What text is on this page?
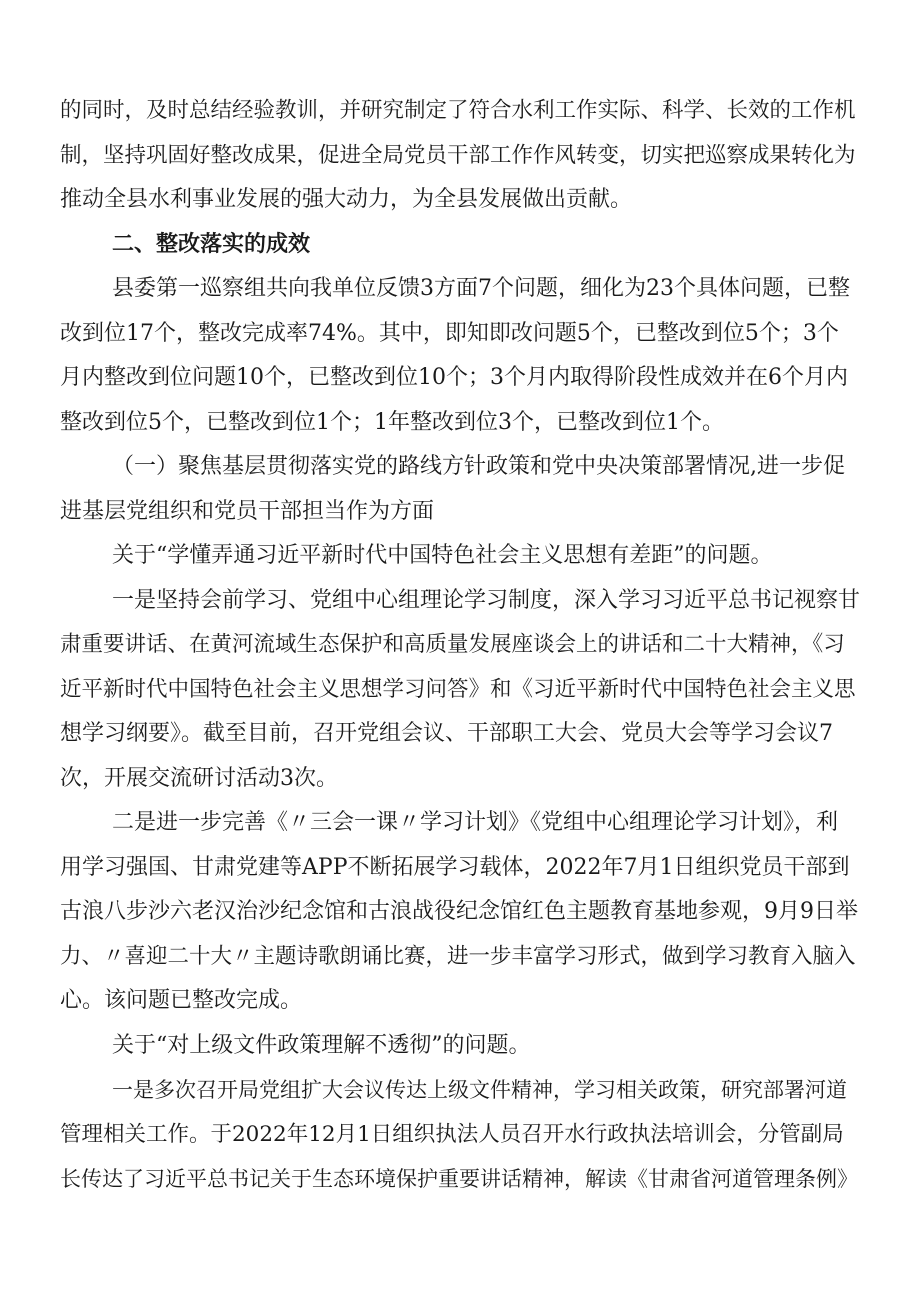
的同时，及时总结经验教训，并研究制定了符合水利工作实际、科学、长效的工作机
制，坚持巩固好整改成果，促进全局党员干部工作作风转变，切实把巡察成果转化为
推动全县水利事业发展的强大动力，为全县发展做出贡献。
二、整改落实的成效
县委第一巡察组共向我单位反馈3方面7个问题，细化为23个具体问题，已整
改到位17个，整改完成率74%。其中，即知即改问题5个，已整改到位5个；3个
月内整改到位问题10个，已整改到位10个；3个月内取得阶段性成效并在6个月内
整改到位5个，已整改到位1个；1年整改到位3个，已整改到位1个。
（一）聚焦基层贯彻落实党的路线方针政策和党中央决策部署情况,进一步促
进基层党组织和党员干部担当作为方面
关于“学懂弄通习近平新时代中国特色社会主义思想有差距”的问题。
一是坚持会前学习、党组中心组理论学习制度，深入学习习近平总书记视察甘
肃重要讲话、在黄河流域生态保护和高质量发展座谈会上的讲话和二十大精神，《习
近平新时代中国特色社会主义思想学习问答》和《习近平新时代中国特色社会主义思
想学习纲要》。截至目前，召开党组会议、干部职工大会、党员大会等学习会议7
次，开展交流研讨活动3次。
二是进一步完善《〃三会一课〃学习计划》《党组中心组理论学习计划》，利
用学习强国、甘肃党建等APP不断拓展学习载体，2022年7月1日组织党员干部到
古浪八步沙六老汉治沙纪念馆和古浪战役纪念馆红色主题教育基地参观，9月9日举
力、〃喜迎二十大〃主题诗歌朗诵比赛，进一步丰富学习形式，做到学习教育入脑入
心。该问题已整改完成。
关于“对上级文件政策理解不透彻”的问题。
一是多次召开局党组扩大会议传达上级文件精神，学习相关政策，研究部署河道
管理相关工作。于2022年12月1日组织执法人员召开水行政执法培训会，分管副局
长传达了习近平总书记关于生态环境保护重要讲话精神，解读《甘肃省河道管理条例》
